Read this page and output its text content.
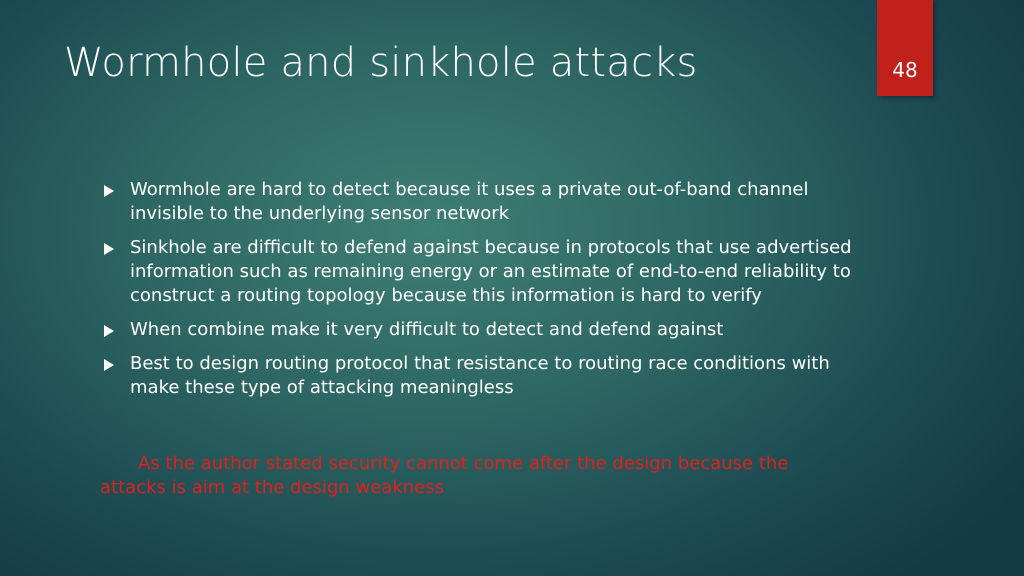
Wormhole and sinkhole attacks	48
Wormhole are hard to detect because it uses a private out-of-band channel invisible to the underlying sensor network
Sinkhole are difficult to defend against because in protocols that use advertised information such as remaining energy or an estimate of end-to-end reliability to construct a routing topology because this information is hard to verify
When combine make it very difficult to detect and defend against
Best to design routing protocol that resistance to routing race conditions with make these type of attacking meaningless
As the author stated security cannot come after the design because the attacks is aim at the design weakness
